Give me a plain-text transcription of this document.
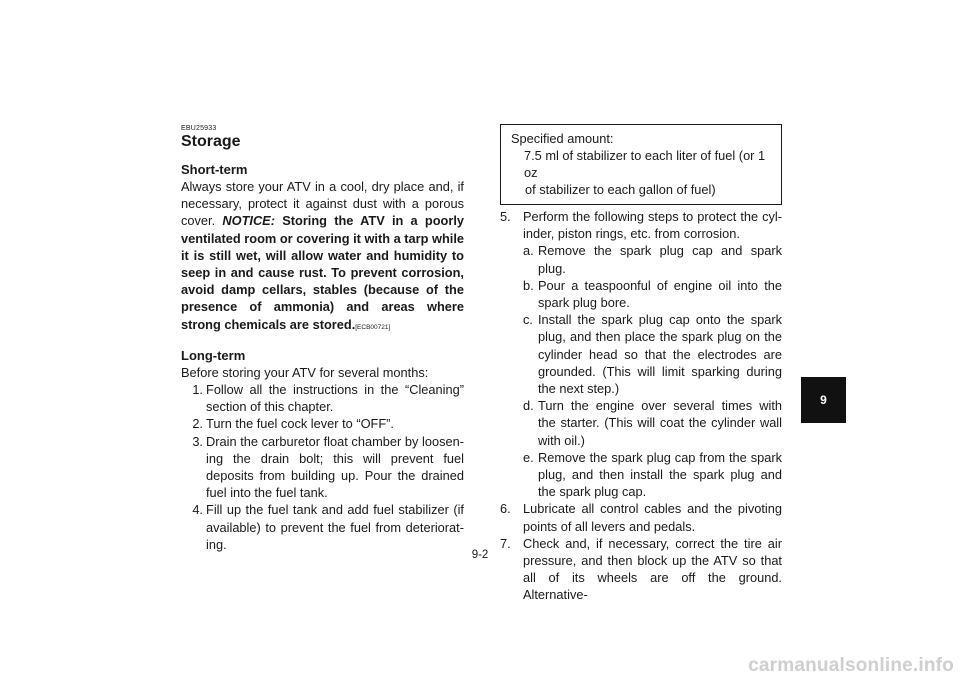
EBU25933
Storage
Short-term

Always store your ATV in a cool, dry place and, if necessary, protect it against dust with a porous cover. NOTICE: Storing the ATV in a poorly ventilated room or covering it with a tarp while it is still wet, will allow water and humidity to seep in and cause rust. To prevent corrosion, avoid damp cellars, stables (because of the presence of ammonia) and areas where strong chemicals are stored.[ECB00721]

Long-term

Before storing your ATV for several months:

1. Follow all the instructions in the “Cleaning” section of this chapter.
2. Turn the fuel cock lever to “OFF”.
3. Drain the carburetor float chamber by loosening the drain bolt; this will prevent fuel deposits from building up. Pour the drained fuel into the fuel tank.
4. Fill up the fuel tank and add fuel stabilizer (if available) to prevent the fuel from deteriorating.
Specified amount:
7.5 ml of stabilizer to each liter of fuel (or 1 oz
of stabilizer to each gallon of fuel)
5. Perform the following steps to protect the cylinder, piston rings, etc. from corrosion.
a. Remove the spark plug cap and spark plug.
b. Pour a teaspoonful of engine oil into the spark plug bore.
c. Install the spark plug cap onto the spark plug, and then place the spark plug on the cylinder head so that the electrodes are grounded. (This will limit sparking during the next step.)
d. Turn the engine over several times with the starter. (This will coat the cylinder wall with oil.)
e. Remove the spark plug cap from the spark plug, and then install the spark plug and the spark plug cap.
6. Lubricate all control cables and the pivoting points of all levers and pedals.
7. Check and, if necessary, correct the tire air pressure, and then block up the ATV so that all of its wheels are off the ground. Alternative-
9
9-2
carmanualsonline.info
